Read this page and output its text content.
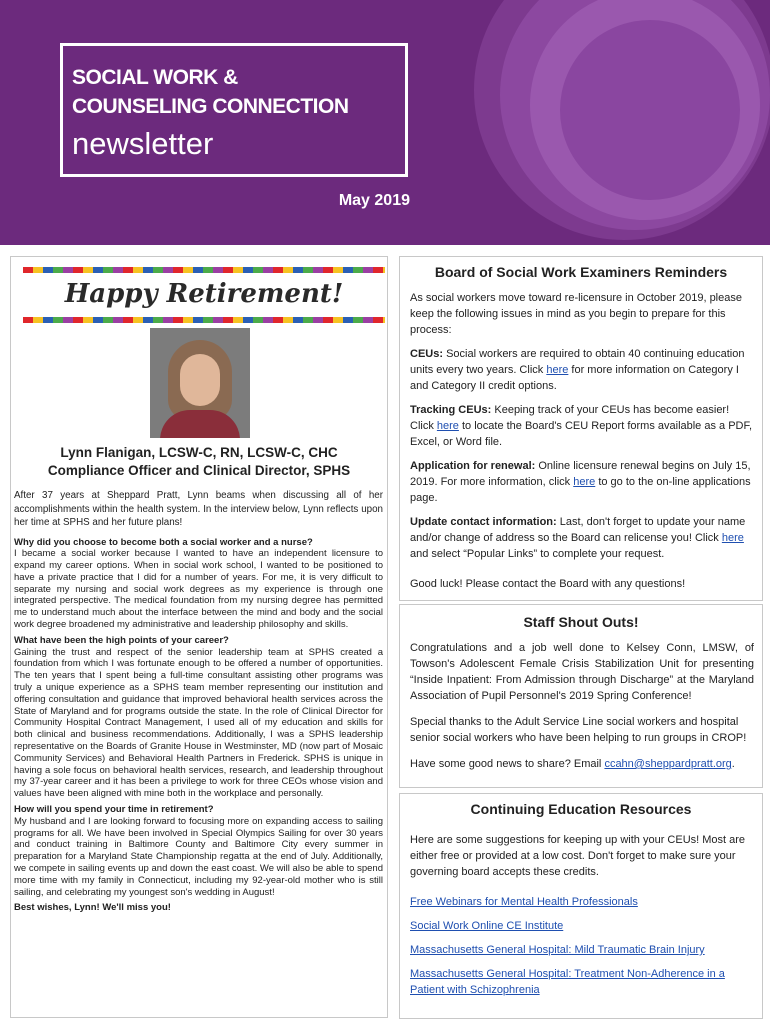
SOCIAL WORK &
COUNSELING CONNECTION
newsletter
May 2019
Happy Retirement!
Lynn Flanigan, LCSW-C, RN, LCSW-C, CHC
Compliance Officer and Clinical Director, SPHS

After 37 years at Sheppard Pratt, Lynn beams when discussing all of her accomplishments within the health system. In the interview below, Lynn reflects upon her time at SPHS and her future plans!

Why did you choose to become both a social worker and a nurse?

I became a social worker because I wanted to have an independent licensure to expand my career options. When in social work school, I wanted to be positioned to have a private practice that I did for a number of years. For me, it is very difficult to separate my nursing and social work degrees as my experience is through one integrated perspective. The medical foundation from my nursing degree has permitted me to understand much about the interface between the mind and body and the social work degree broadened my administrative and leadership philosophy and skills.

What have been the high points of your career?

Gaining the trust and respect of the senior leadership team at SPHS created a foundation from which I was fortunate enough to be offered a number of opportunities. The ten years that I spent being a full-time consultant assisting other programs was truly a unique experience as a SPHS team member representing our institution and offering consultation and guidance that improved behavioral health services across the State of Maryland and for programs outside the state. In the role of Clinical Director for Community Hospital Contract Management, I used all of my education and skills for both clinical and business recommendations. Additionally, I was a SPHS leadership representative on the Boards of Granite House in Westminster, MD (now part of Mosaic Community Services) and Behavioral Health Partners in Frederick. SPHS is unique in having a sole focus on behavioral health services, research, and leadership throughout my 37-year career and it has been a privilege to work for three CEOs whose vision and values have been aligned with mine both in the workplace and personally.

How will you spend your time in retirement?

My husband and I are looking forward to focusing more on expanding access to sailing programs for all. We have been involved in Special Olympics Sailing for over 30 years and conduct training in Baltimore County and Baltimore City every summer in preparation for a Maryland State Championship regatta at the end of July. Additionally, we compete in sailing events up and down the east coast. We will also be able to spend more time with my family in Connecticut, including my 92-year-old mother who is still sailing, and celebrating my youngest son's wedding in August!

Best wishes, Lynn! We'll miss you!

Board of Social Work Examiners Reminders

As social workers move toward re-licensure in October 2019, please keep the following issues in mind as you begin to prepare for this process:

CEUs: Social workers are required to obtain 40 continuing education units every two years. Click here for more information on Category I and Category II credit options.

Tracking CEUs: Keeping track of your CEUs has become easier! Click here to locate the Board's CEU Report forms available as a PDF, Excel, or Word file.

Application for renewal: Online licensure renewal begins on July 15, 2019. For more information, click here to go to the on-line applications page.

Update contact information: Last, don't forget to update your name and/or change of address so the Board can relicense you! Click here and select “Popular Links” to complete your request.

Good luck! Please contact the Board with any questions!

Staff Shout Outs!

Congratulations and a job well done to Kelsey Conn, LMSW, of Towson's Adolescent Female Crisis Stabilization Unit for presenting “Inside Inpatient: From Admission through Discharge” at the Maryland Association of Pupil Personnel's 2019 Spring Conference!

Special thanks to the Adult Service Line social workers and hospital senior social workers who have been helping to run groups in CROP!

Have some good news to share? Email ccahn@sheppardpratt.org.

Continuing Education Resources

Here are some suggestions for keeping up with your CEUs! Most are either free or provided at a low cost. Don't forget to make sure your governing board accepts these credits.

Free Webinars for Mental Health Professionals

Social Work Online CE Institute

Massachusetts General Hospital: Mild Traumatic Brain Injury

Massachusetts General Hospital: Treatment Non-Adherence in a Patient with Schizophrenia
